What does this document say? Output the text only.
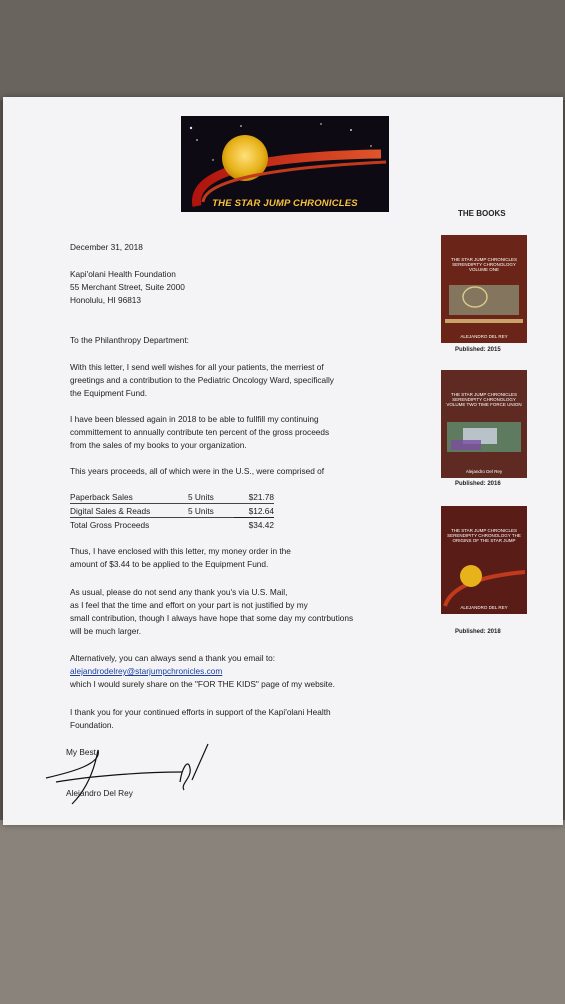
THE STAR JUMP CHRONICLES
December 31, 2018
Kapi'olani Health Foundation
55 Merchant Street, Suite 2000
Honolulu, HI 96813
To the Philanthropy Department:
With this letter, I send well wishes for all your patients, the merriest of
greetings and a contribution to the Pediatric Oncology Ward, specifically
the Equipment Fund.
I have been blessed again in 2018 to be able to fullfill my continuing
committement to annually contribute ten percent of the gross proceeds
from the sales of my books to your organization.
This years proceeds, all of which were in the U.S., were comprised of
Paperback Sales	5 Units	$21.78
Digital Sales & Reads	5 Units	$12.64
Total Gross Proceeds		$34.42
Thus, I have enclosed with this letter, my money order in the
amount of $3.44 to be applied to the Equipment Fund.
As usual, please do not send any thank you's via U.S. Mail,
as I feel that the time and effort on your part is not justified by my
small contribution, though I always have hope that some day my contrbutions
will be much larger.
Alternatively, you can always send a thank you email to:
alejandrodelrey@starjumpchronicles.com
which I would surely share on the "FOR THE KIDS" page of my website.
I thank you for your continued efforts in support of the Kapi'olani Health
Foundation.
My Best,
Alejandro Del Rey
THE BOOKS
THE STAR JUMP CHRONICLES SERENDIPITY CHRONOLOGY VOLUME ONE
ALEJANDRO DEL REY
Published: 2015
THE STAR JUMP CHRONICLES SERENDIPITY CHRONOLOGY VOLUME TWO TIME FORCE UNION
Alejandro Del Rey
Published: 2016
THE STAR JUMP CHRONICLES SERENDIPITY CHRONOLOGY THE ORIGINS OF THE STAR JUMP
ALEJANDRO DEL REY
Published: 2018
